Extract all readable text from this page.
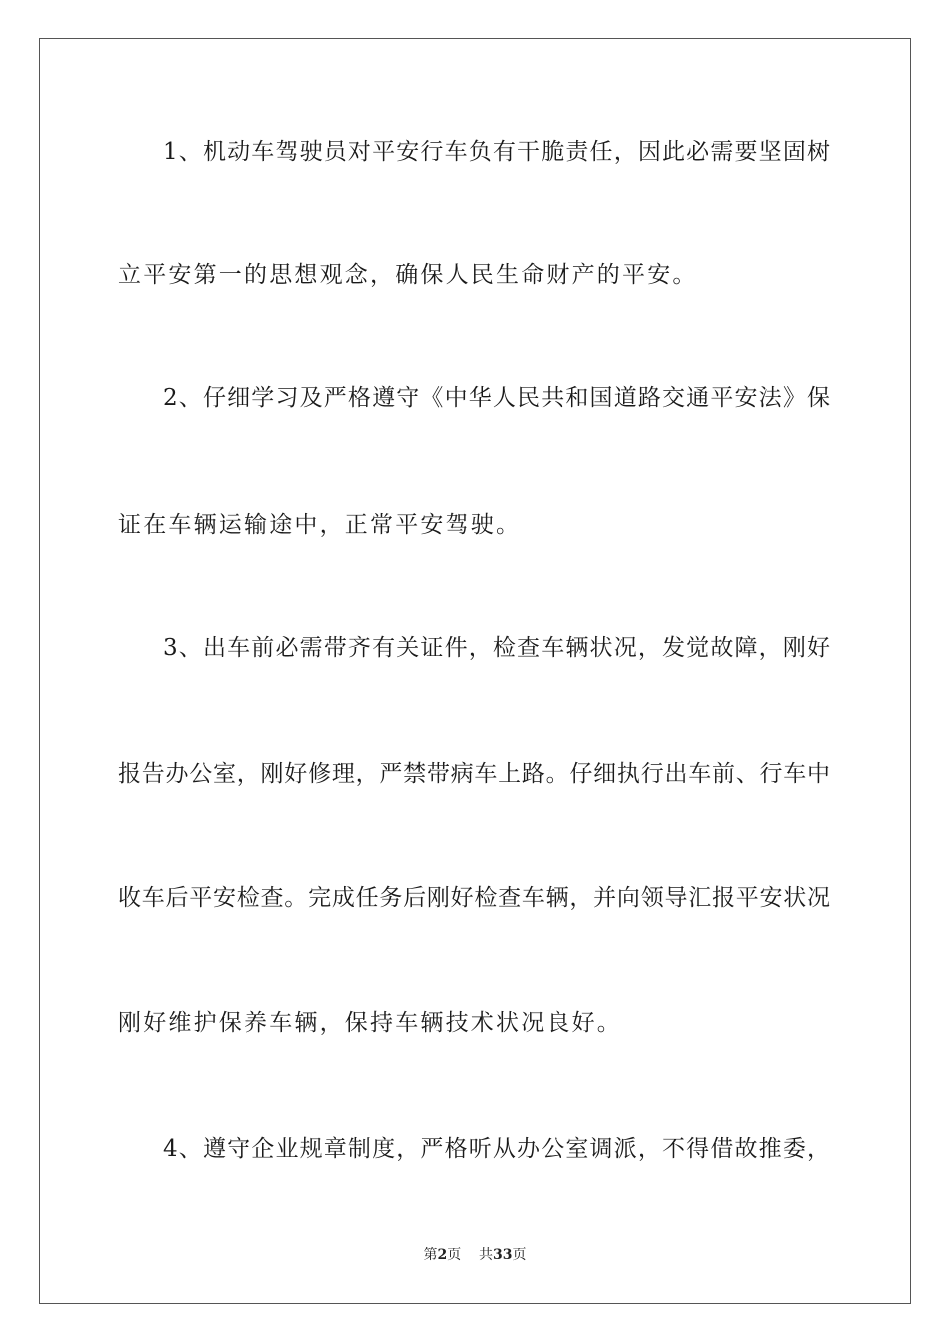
1、机动车驾驶员对平安行车负有干脆责任，因此必需要坚固树
立平安第一的思想观念，确保人民生命财产的平安。
2、仔细学习及严格遵守《中华人民共和国道路交通平安法》保
证在车辆运输途中，正常平安驾驶。
3、出车前必需带齐有关证件，检查车辆状况，发觉故障，刚好
报告办公室，刚好修理，严禁带病车上路。仔细执行出车前、行车中
收车后平安检查。完成任务后刚好检查车辆，并向领导汇报平安状况
刚好维护保养车辆，保持车辆技术状况良好。
4、遵守企业规章制度，严格听从办公室调派，不得借故推委，
第2页 共33页
